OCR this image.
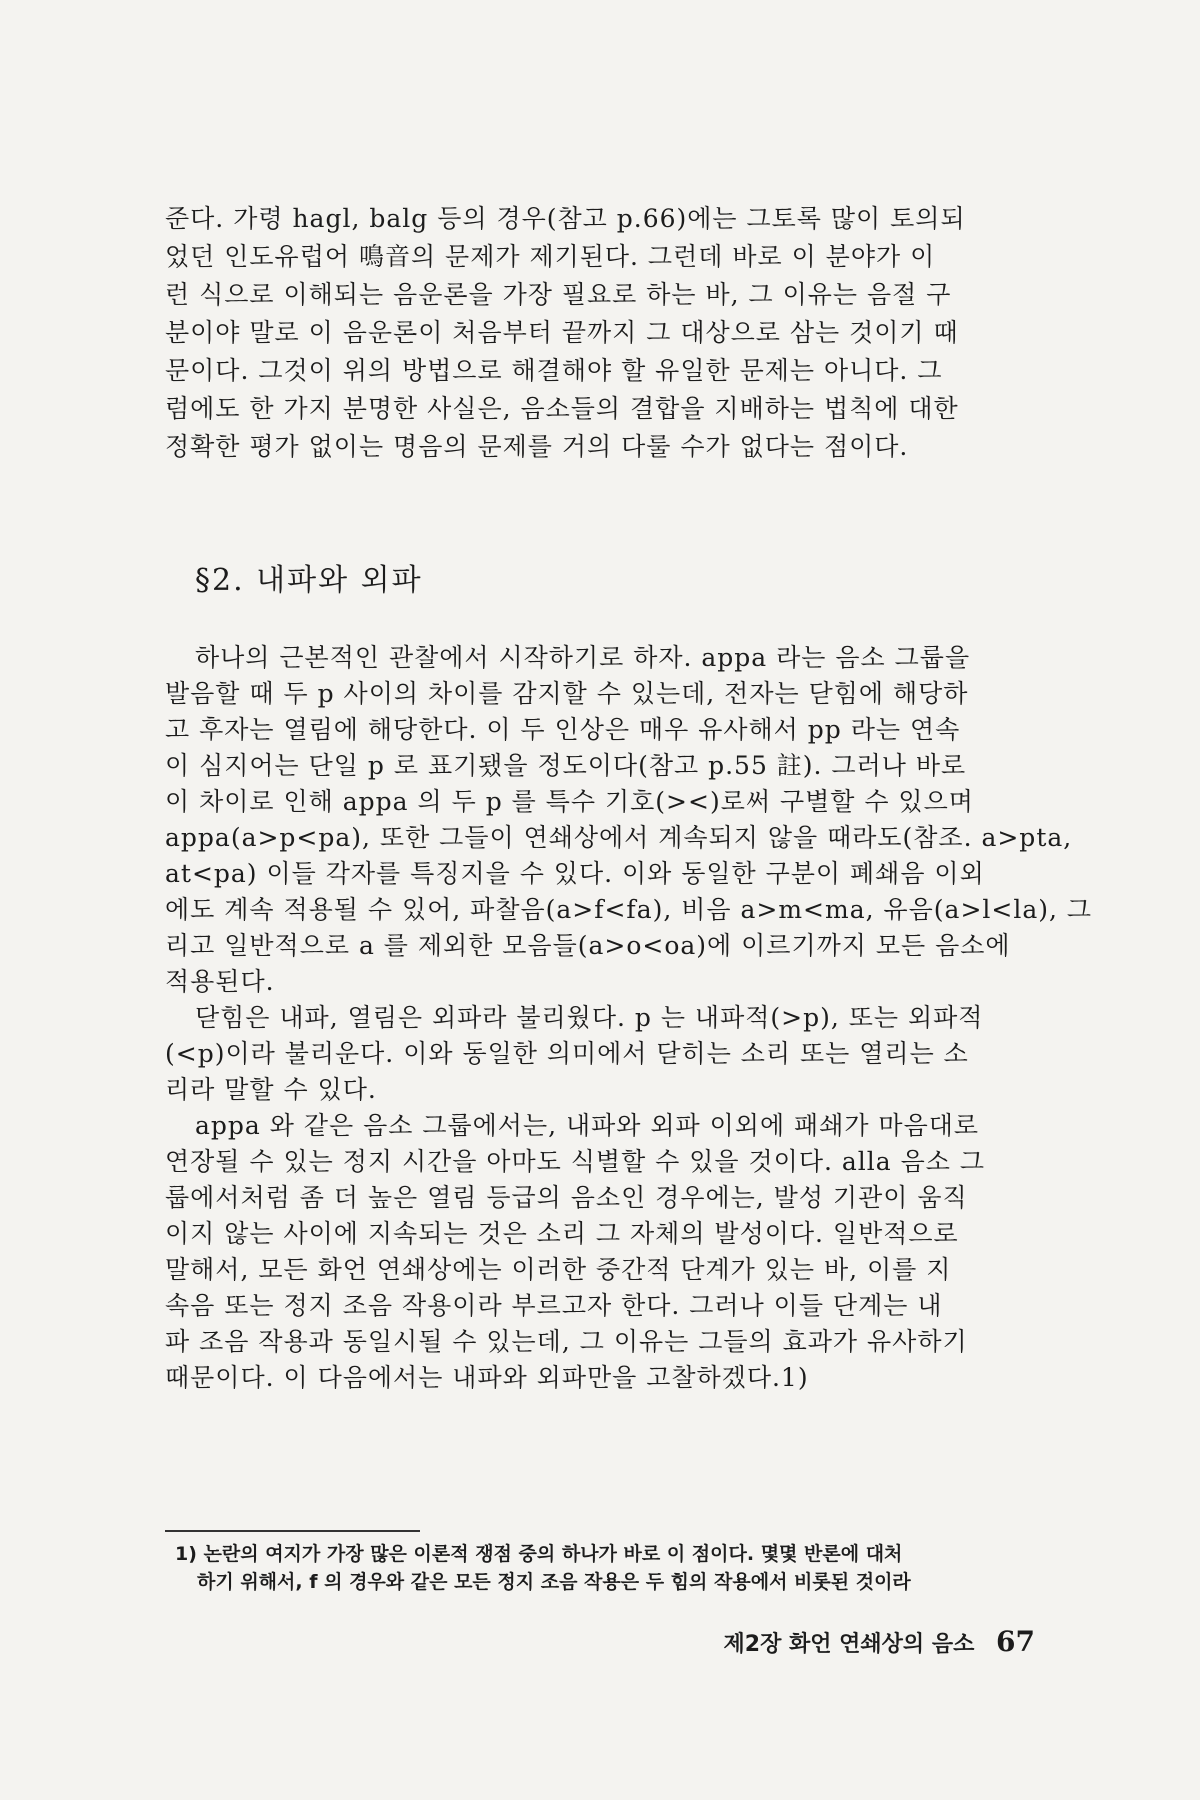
준다. 가령 hagl, balg 등의 경우(참고 p.66)에는 그토록 많이 토의되
었던 인도유럽어 鳴音의 문제가 제기된다. 그런데 바로 이 분야가 이
런 식으로 이해되는 음운론을 가장 필요로 하는 바, 그 이유는 음절 구
분이야 말로 이 음운론이 처음부터 끝까지 그 대상으로 삼는 것이기 때
문이다. 그것이 위의 방법으로 해결해야 할 유일한 문제는 아니다. 그
럼에도 한 가지 분명한 사실은, 음소들의 결합을 지배하는 법칙에 대한
정확한 평가 없이는 명음의 문제를 거의 다룰 수가 없다는 점이다.
§2. 내파와 외파
하나의 근본적인 관찰에서 시작하기로 하자. appa 라는 음소 그룹을
발음할 때 두 p 사이의 차이를 감지할 수 있는데, 전자는 닫힘에 해당하
고 후자는 열림에 해당한다. 이 두 인상은 매우 유사해서 pp 라는 연속
이 심지어는 단일 p 로 표기됐을 정도이다(참고 p.55 註). 그러나 바로
이 차이로 인해 appa 의 두 p 를 특수 기호(><)로써 구별할 수 있으며
appa(a>p<pa), 또한 그들이 연쇄상에서 계속되지 않을 때라도(참조. a>pta,
at<pa) 이들 각자를 특징지을 수 있다. 이와 동일한 구분이 폐쇄음 이외
에도 계속 적용될 수 있어, 파찰음(a>f<fa), 비음 a>m<ma, 유음(a>l<la), 그
리고 일반적으로 a 를 제외한 모음들(a>o<oa)에 이르기까지 모든 음소에
적용된다.
닫힘은 내파, 열림은 외파라 불리웠다. p 는 내파적(>p), 또는 외파적
(<p)이라 불리운다. 이와 동일한 의미에서 닫히는 소리 또는 열리는 소
리라 말할 수 있다.
appa 와 같은 음소 그룹에서는, 내파와 외파 이외에 패쇄가 마음대로
연장될 수 있는 정지 시간을 아마도 식별할 수 있을 것이다. alla 음소 그
룹에서처럼 좀 더 높은 열림 등급의 음소인 경우에는, 발성 기관이 움직
이지 않는 사이에 지속되는 것은 소리 그 자체의 발성이다. 일반적으로
말해서, 모든 화언 연쇄상에는 이러한 중간적 단계가 있는 바, 이를 지
속음 또는 정지 조음 작용이라 부르고자 한다. 그러나 이들 단계는 내
파 조음 작용과 동일시될 수 있는데, 그 이유는 그들의 효과가 유사하기
때문이다. 이 다음에서는 내파와 외파만을 고찰하겠다.1)
1) 논란의 여지가 가장 많은 이론적 쟁점 중의 하나가 바로 이 점이다. 몇몇 반론에 대처
하기 위해서, f 의 경우와 같은 모든 정지 조음 작용은 두 힘의 작용에서 비롯된 것이라
제2장 화언 연쇄상의 음소 67
